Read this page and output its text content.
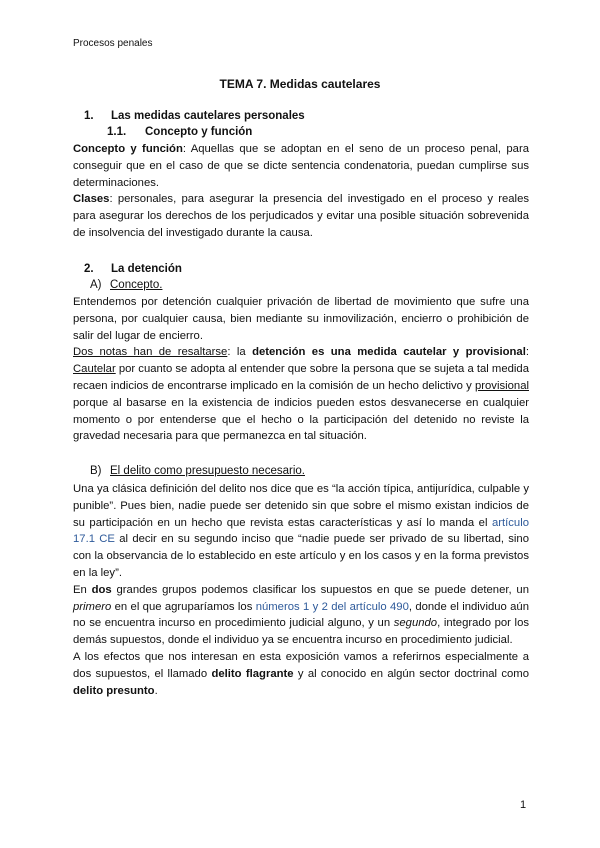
Procesos penales
TEMA 7. Medidas cautelares
1. Las medidas cautelares personales
1.1. Concepto y función

Concepto y función: Aquellas que se adoptan en el seno de un proceso penal, para conseguir que en el caso de que se dicte sentencia condenatoria, puedan cumplirse sus determinaciones.

Clases: personales, para asegurar la presencia del investigado en el proceso y reales para asegurar los derechos de los perjudicados y evitar una posible situación sobrevenida de insolvencia del investigado durante la causa.

2. La detención
A) Concepto.

Entendemos por detención cualquier privación de libertad de movimiento que sufre una persona, por cualquier causa, bien mediante su inmovilización, encierro o prohibición de salir del lugar de encierro.

Dos notas han de resaltarse: la detención es una medida cautelar y provisional: Cautelar por cuanto se adopta al entender que sobre la persona que se sujeta a tal medida recaen indicios de encontrarse implicado en la comisión de un hecho delictivo y provisional porque al basarse en la existencia de indicios pueden estos desvanecerse en cualquier momento o por entenderse que el hecho o la participación del detenido no reviste la gravedad necesaria para que permanezca en tal situación.

B) El delito como presupuesto necesario.

Una ya clásica definición del delito nos dice que es “la acción típica, antijurídica, culpable y punible”. Pues bien, nadie puede ser detenido sin que sobre el mismo existan indicios de su participación en un hecho que revista estas características y así lo manda el artículo 17.1 CE al decir en su segundo inciso que “nadie puede ser privado de su libertad, sino con la observancia de lo establecido en este artículo y en los casos y en la forma previstos en la ley”.

En dos grandes grupos podemos clasificar los supuestos en que se puede detener, un primero en el que agruparíamos los números 1 y 2 del artículo 490, donde el individuo aún no se encuentra incurso en procedimiento judicial alguno, y un segundo, integrado por los demás supuestos, donde el individuo ya se encuentra incurso en procedimiento judicial.

A los efectos que nos interesan en esta exposición vamos a referirnos especialmente a dos supuestos, el llamado delito flagrante y al conocido en algún sector doctrinal como delito presunto.

1
